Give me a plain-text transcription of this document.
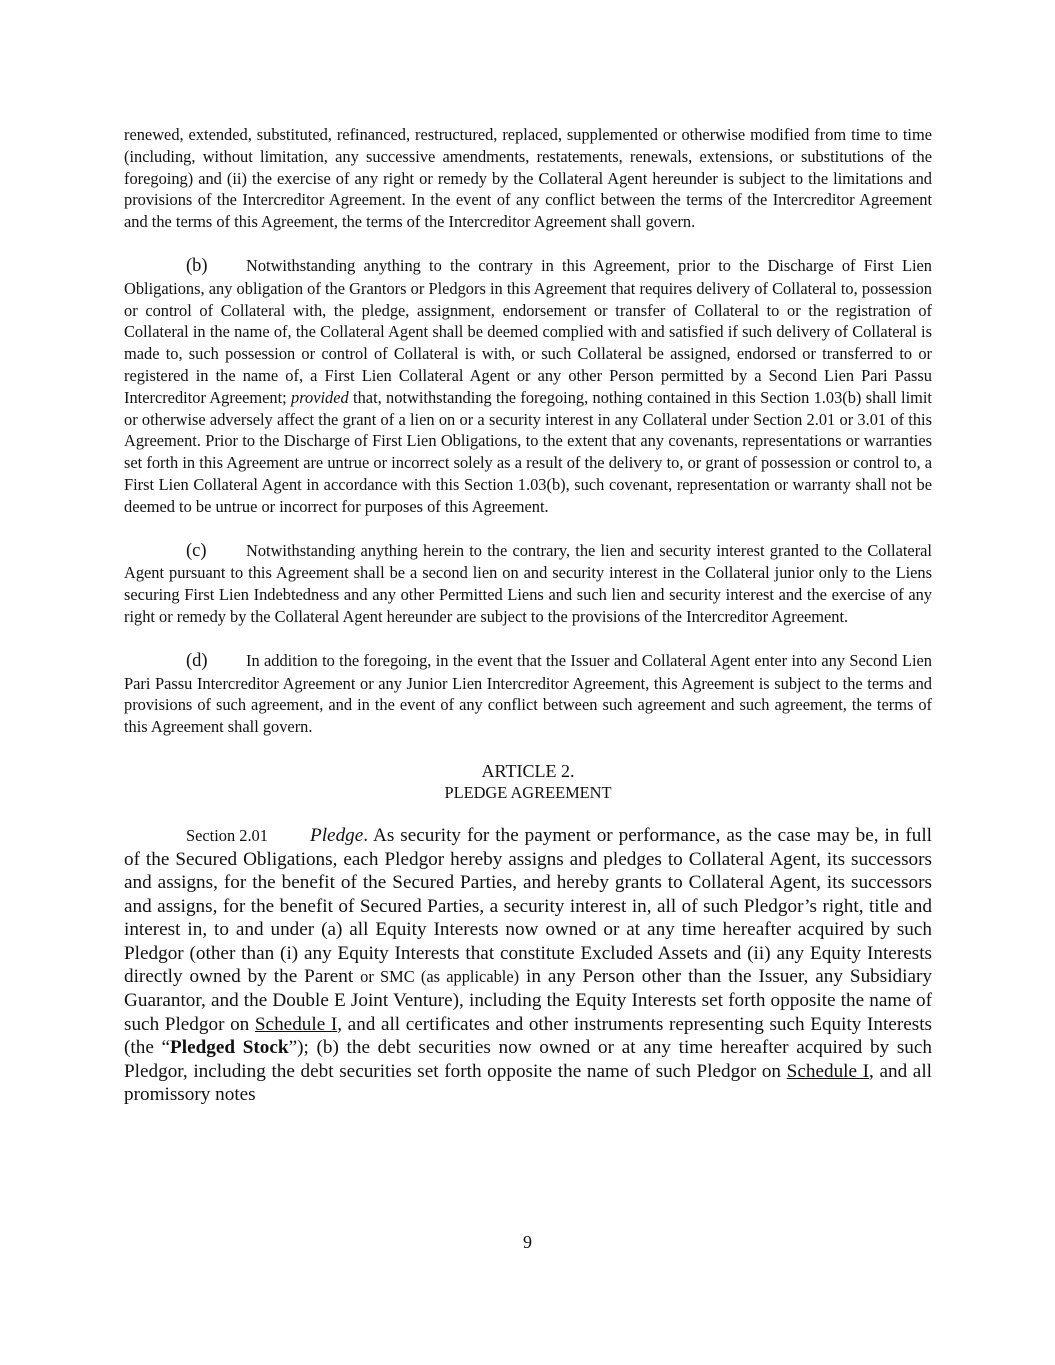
renewed, extended, substituted, refinanced, restructured, replaced, supplemented or otherwise modified from time to time (including, without limitation, any successive amendments, restatements, renewals, extensions, or substitutions of the foregoing) and (ii) the exercise of any right or remedy by the Collateral Agent hereunder is subject to the limitations and provisions of the Intercreditor Agreement. In the event of any conflict between the terms of the Intercreditor Agreement and the terms of this Agreement, the terms of the Intercreditor Agreement shall govern.

(b) Notwithstanding anything to the contrary in this Agreement, prior to the Discharge of First Lien Obligations, any obligation of the Grantors or Pledgors in this Agreement that requires delivery of Collateral to, possession or control of Collateral with, the pledge, assignment, endorsement or transfer of Collateral to or the registration of Collateral in the name of, the Collateral Agent shall be deemed complied with and satisfied if such delivery of Collateral is made to, such possession or control of Collateral is with, or such Collateral be assigned, endorsed or transferred to or registered in the name of, a First Lien Collateral Agent or any other Person permitted by a Second Lien Pari Passu Intercreditor Agreement; provided that, notwithstanding the foregoing, nothing contained in this Section 1.03(b) shall limit or otherwise adversely affect the grant of a lien on or a security interest in any Collateral under Section 2.01 or 3.01 of this Agreement. Prior to the Discharge of First Lien Obligations, to the extent that any covenants, representations or warranties set forth in this Agreement are untrue or incorrect solely as a result of the delivery to, or grant of possession or control to, a First Lien Collateral Agent in accordance with this Section 1.03(b), such covenant, representation or warranty shall not be deemed to be untrue or incorrect for purposes of this Agreement.

(c) Notwithstanding anything herein to the contrary, the lien and security interest granted to the Collateral Agent pursuant to this Agreement shall be a second lien on and security interest in the Collateral junior only to the Liens securing First Lien Indebtedness and any other Permitted Liens and such lien and security interest and the exercise of any right or remedy by the Collateral Agent hereunder are subject to the provisions of the Intercreditor Agreement.

(d) In addition to the foregoing, in the event that the Issuer and Collateral Agent enter into any Second Lien Pari Passu Intercreditor Agreement or any Junior Lien Intercreditor Agreement, this Agreement is subject to the terms and provisions of such agreement, and in the event of any conflict between such agreement and such agreement, the terms of this Agreement shall govern.

ARTICLE 2.
PLEDGE AGREEMENT

Section 2.01 Pledge. As security for the payment or performance, as the case may be, in full of the Secured Obligations, each Pledgor hereby assigns and pledges to Collateral Agent, its successors and assigns, for the benefit of the Secured Parties, and hereby grants to Collateral Agent, its successors and assigns, for the benefit of Secured Parties, a security interest in, all of such Pledgor’s right, title and interest in, to and under (a) all Equity Interests now owned or at any time hereafter acquired by such Pledgor (other than (i) any Equity Interests that constitute Excluded Assets and (ii) any Equity Interests directly owned by the Parent or SMC (as applicable) in any Person other than the Issuer, any Subsidiary Guarantor, and the Double E Joint Venture), including the Equity Interests set forth opposite the name of such Pledgor on Schedule I, and all certificates and other instruments representing such Equity Interests (the “Pledged Stock”); (b) the debt securities now owned or at any time hereafter acquired by such Pledgor, including the debt securities set forth opposite the name of such Pledgor on Schedule I, and all promissory notes

9
